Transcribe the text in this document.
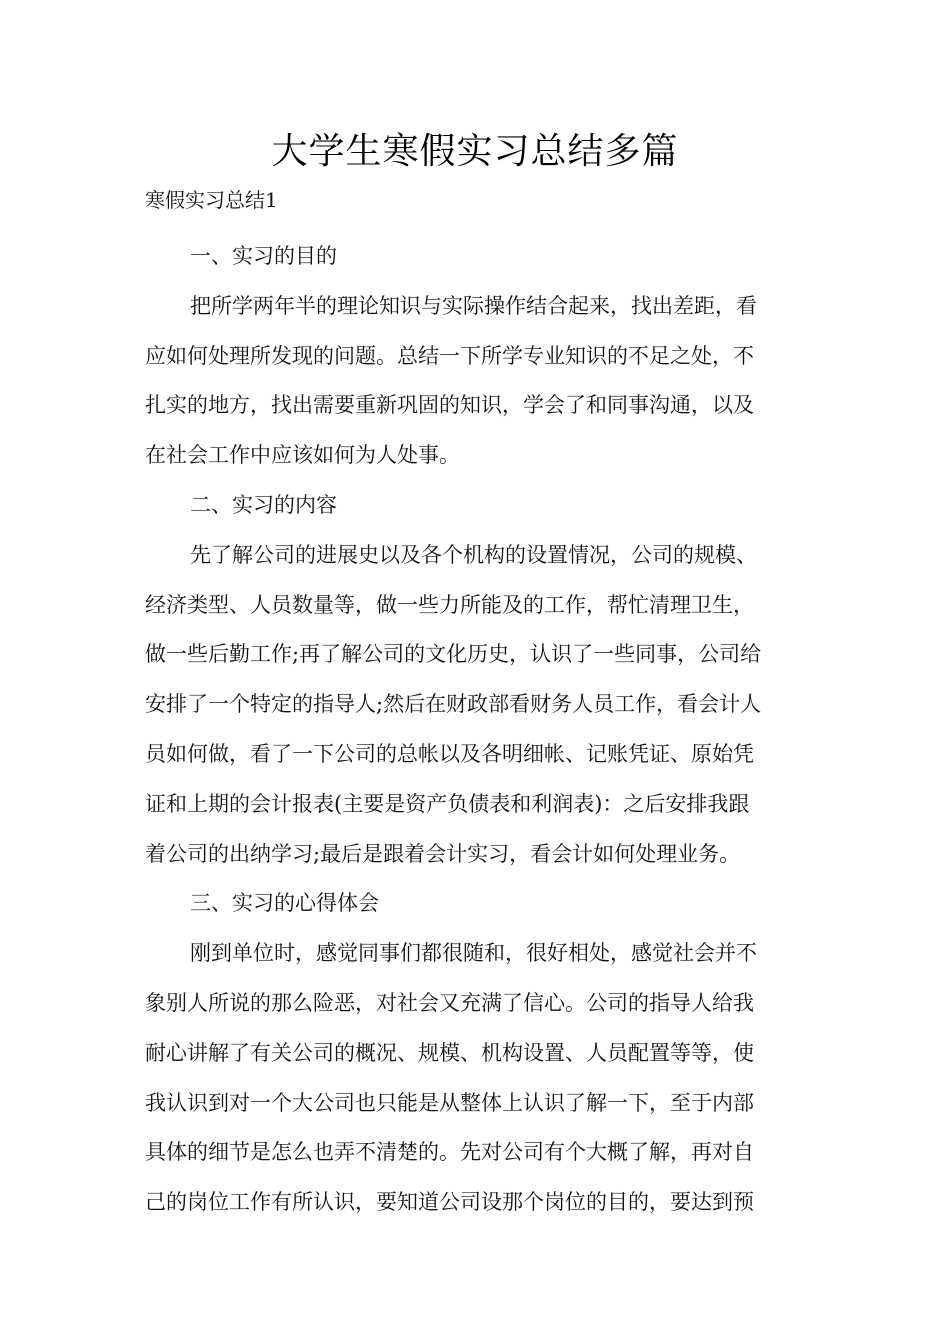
大学生寒假实习总结多篇
寒假实习总结1
一、实习的目的
把所学两年半的理论知识与实际操作结合起来，找出差距，看
应如何处理所发现的问题。总结一下所学专业知识的不足之处，不
扎实的地方，找出需要重新巩固的知识，学会了和同事沟通，以及
在社会工作中应该如何为人处事。
二、实习的内容
先了解公司的进展史以及各个机构的设置情况，公司的规模、
经济类型、人员数量等，做一些力所能及的工作，帮忙清理卫生，
做一些后勤工作;再了解公司的文化历史，认识了一些同事，公司给
安排了一个特定的指导人;然后在财政部看财务人员工作，看会计人
员如何做，看了一下公司的总帐以及各明细帐、记账凭证、原始凭
证和上期的会计报表(主要是资产负债表和利润表)：之后安排我跟
着公司的出纳学习;最后是跟着会计实习，看会计如何处理业务。
三、实习的心得体会
刚到单位时，感觉同事们都很随和，很好相处，感觉社会并不
象别人所说的那么险恶，对社会又充满了信心。公司的指导人给我
耐心讲解了有关公司的概况、规模、机构设置、人员配置等等，使
我认识到对一个大公司也只能是从整体上认识了解一下，至于内部
具体的细节是怎么也弄不清楚的。先对公司有个大概了解，再对自
己的岗位工作有所认识，要知道公司设那个岗位的目的，要达到预
